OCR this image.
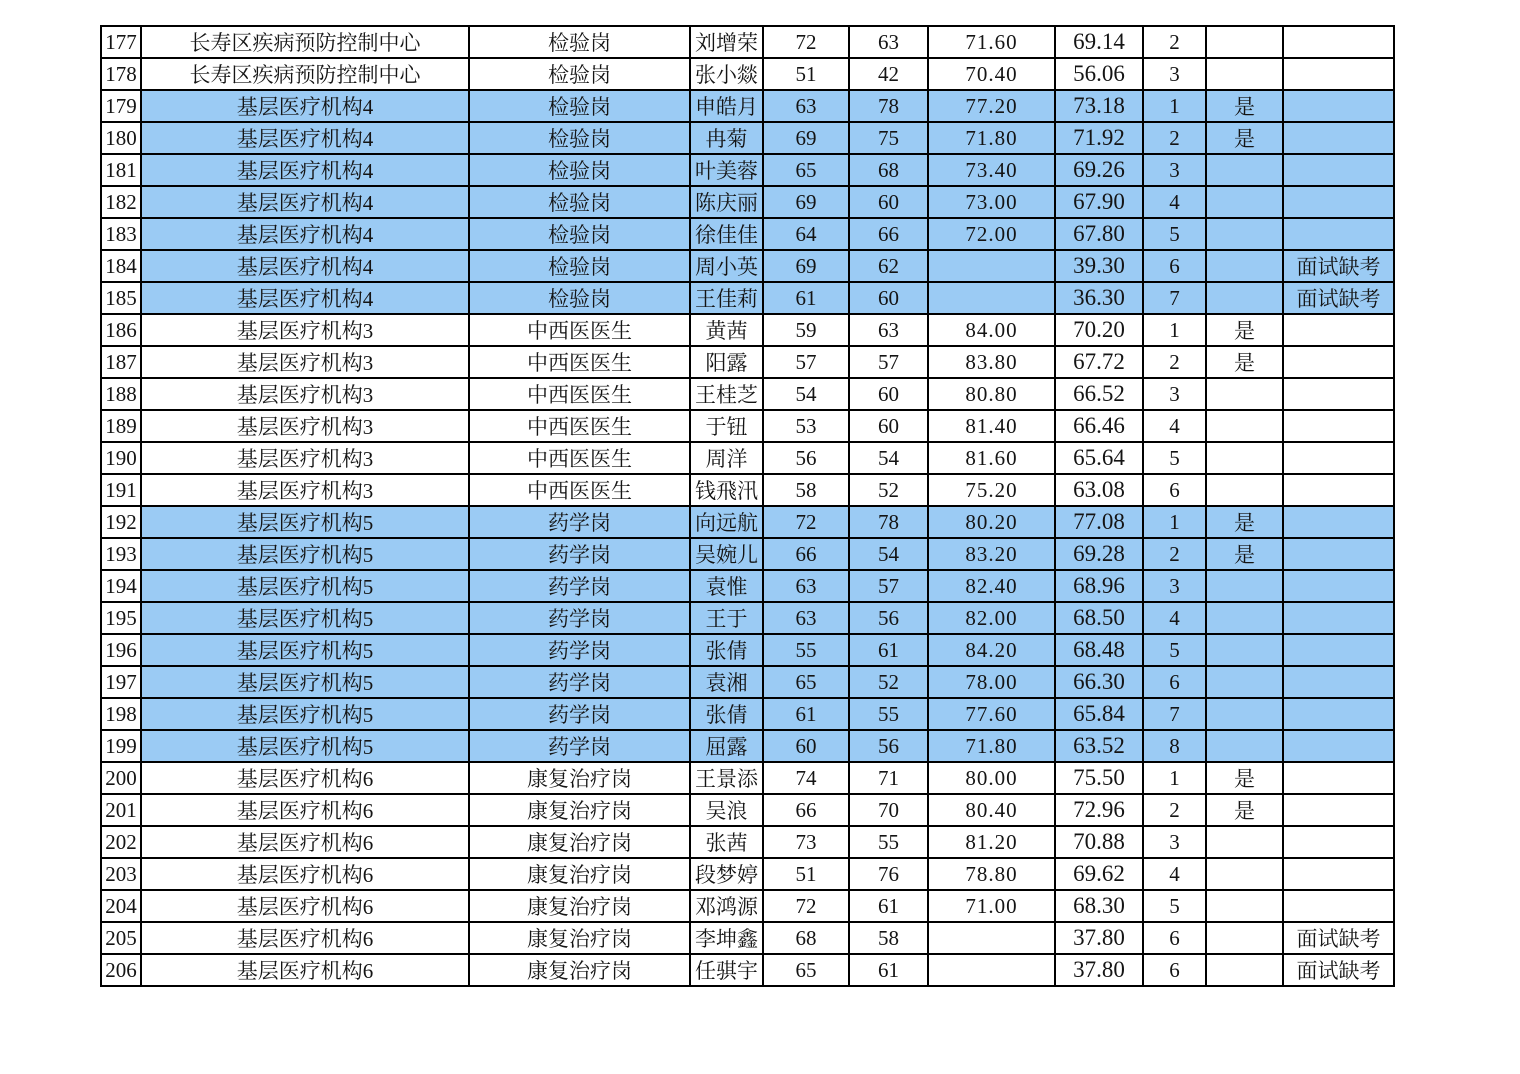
177	长寿区疾病预防控制中心	检验岗	刘增荣	72	63	71.60	69.14	2		
178	长寿区疾病预防控制中心	检验岗	张小燚	51	42	70.40	56.06	3		
179	基层医疗机构4	检验岗	申皓月	63	78	77.20	73.18	1	是	
180	基层医疗机构4	检验岗	冉菊	69	75	71.80	71.92	2	是	
181	基层医疗机构4	检验岗	叶美蓉	65	68	73.40	69.26	3		
182	基层医疗机构4	检验岗	陈庆丽	69	60	73.00	67.90	4		
183	基层医疗机构4	检验岗	徐佳佳	64	66	72.00	67.80	5		
184	基层医疗机构4	检验岗	周小英	69	62		39.30	6		面试缺考
185	基层医疗机构4	检验岗	王佳莉	61	60		36.30	7		面试缺考
186	基层医疗机构3	中西医医生	黄茜	59	63	84.00	70.20	1	是	
187	基层医疗机构3	中西医医生	阳露	57	57	83.80	67.72	2	是	
188	基层医疗机构3	中西医医生	王桂芝	54	60	80.80	66.52	3		
189	基层医疗机构3	中西医医生	于钮	53	60	81.40	66.46	4		
190	基层医疗机构3	中西医医生	周洋	56	54	81.60	65.64	5		
191	基层医疗机构3	中西医医生	钱飛汛	58	52	75.20	63.08	6		
192	基层医疗机构5	药学岗	向远航	72	78	80.20	77.08	1	是	
193	基层医疗机构5	药学岗	吴婉儿	66	54	83.20	69.28	2	是	
194	基层医疗机构5	药学岗	袁惟	63	57	82.40	68.96	3		
195	基层医疗机构5	药学岗	王于	63	56	82.00	68.50	4		
196	基层医疗机构5	药学岗	张倩	55	61	84.20	68.48	5		
197	基层医疗机构5	药学岗	袁湘	65	52	78.00	66.30	6		
198	基层医疗机构5	药学岗	张倩	61	55	77.60	65.84	7		
199	基层医疗机构5	药学岗	屈露	60	56	71.80	63.52	8		
200	基层医疗机构6	康复治疗岗	王景添	74	71	80.00	75.50	1	是	
201	基层医疗机构6	康复治疗岗	吴浪	66	70	80.40	72.96	2	是	
202	基层医疗机构6	康复治疗岗	张茜	73	55	81.20	70.88	3		
203	基层医疗机构6	康复治疗岗	段梦婷	51	76	78.80	69.62	4		
204	基层医疗机构6	康复治疗岗	邓鸿源	72	61	71.00	68.30	5		
205	基层医疗机构6	康复治疗岗	李坤鑫	68	58		37.80	6		面试缺考
206	基层医疗机构6	康复治疗岗	任骐宇	65	61		37.80	6		面试缺考
